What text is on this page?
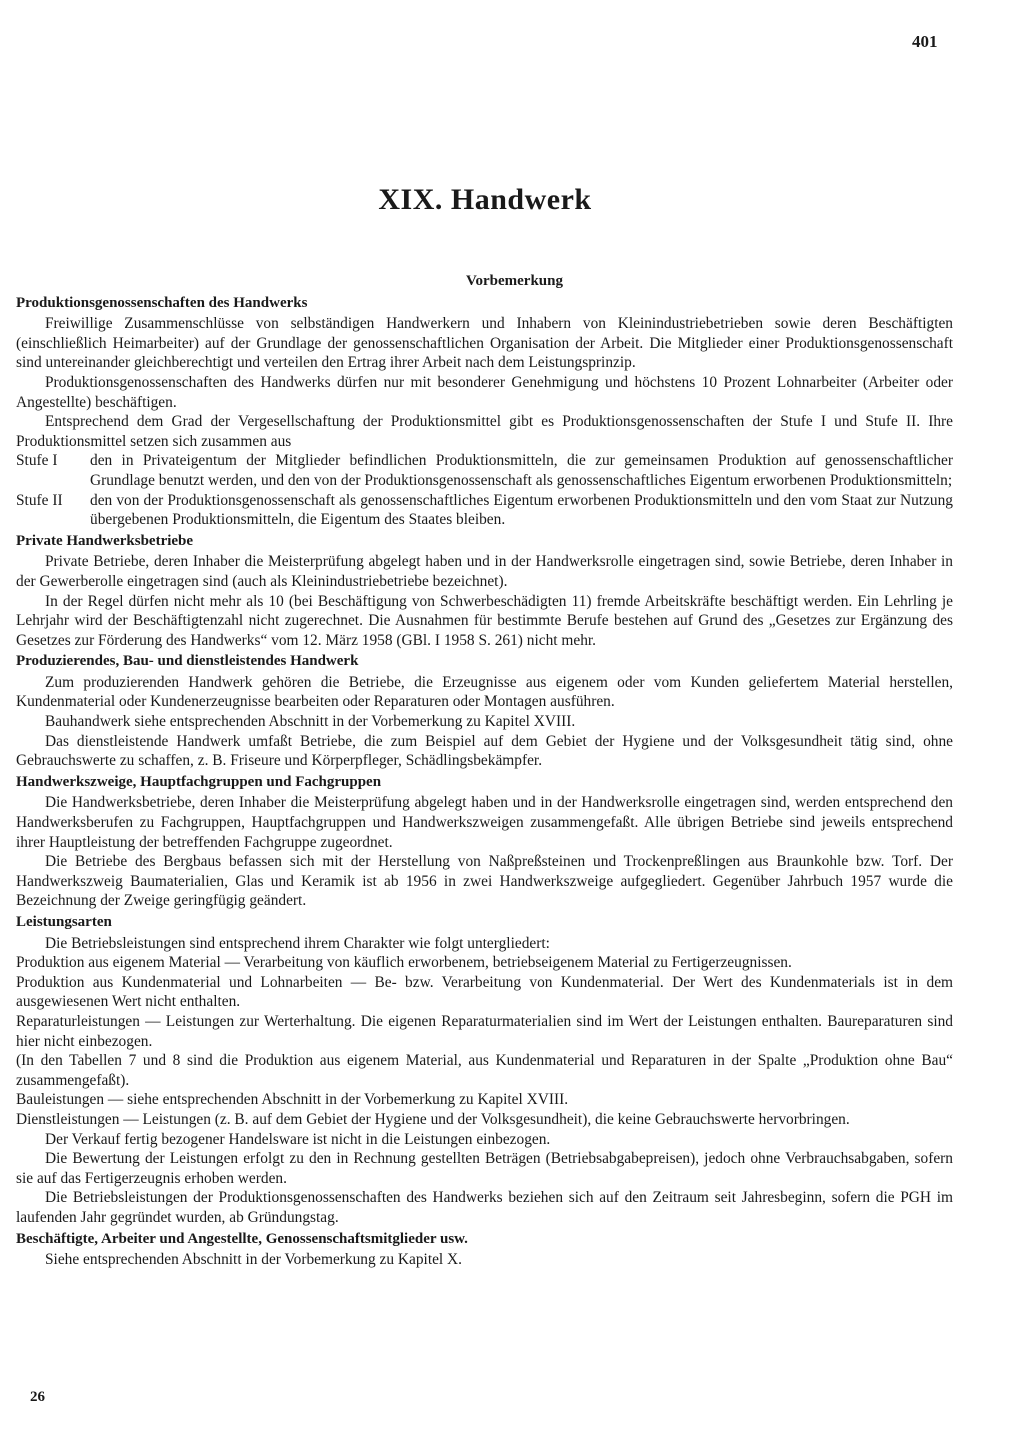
401
XIX. Handwerk
Vorbemerkung
Produktionsgenossenschaften des Handwerks

Freiwillige Zusammenschlüsse von selbständigen Handwerkern und Inhabern von Kleinindustriebetrieben sowie deren Beschäftigten (einschließlich Heimarbeiter) auf der Grundlage der genossenschaftlichen Organisation der Arbeit. Die Mitglieder einer Produktionsgenossenschaft sind untereinander gleichberechtigt und verteilen den Ertrag ihrer Arbeit nach dem Leistungsprinzip.

Produktionsgenossenschaften des Handwerks dürfen nur mit besonderer Genehmigung und höchstens 10 Prozent Lohnarbeiter (Arbeiter oder Angestellte) beschäftigen.

Entsprechend dem Grad der Vergesellschaftung der Produktionsmittel gibt es Produktionsgenossenschaften der Stufe I und Stufe II. Ihre Produktionsmittel setzen sich zusammen aus

Stufe I	den in Privateigentum der Mitglieder befindlichen Produktionsmitteln, die zur gemeinsamen Produktion auf genossenschaftlicher Grundlage benutzt werden, und den von der Produktionsgenossenschaft als genossenschaftliches Eigentum erworbenen Produktionsmitteln;
Stufe II	den von der Produktionsgenossenschaft als genossenschaftliches Eigentum erworbenen Produktionsmitteln und den vom Staat zur Nutzung übergebenen Produktionsmitteln, die Eigentum des Staates bleiben.
Private Handwerksbetriebe

Private Betriebe, deren Inhaber die Meisterprüfung abgelegt haben und in der Handwerksrolle eingetragen sind, sowie Betriebe, deren Inhaber in der Gewerberolle eingetragen sind (auch als Kleinindustriebetriebe bezeichnet).

In der Regel dürfen nicht mehr als 10 (bei Beschäftigung von Schwerbeschädigten 11) fremde Arbeitskräfte beschäftigt werden. Ein Lehrling je Lehrjahr wird der Beschäftigtenzahl nicht zugerechnet. Die Ausnahmen für bestimmte Berufe bestehen auf Grund des „Gesetzes zur Ergänzung des Gesetzes zur Förderung des Handwerks“ vom 12. März 1958 (GBl. I 1958 S. 261) nicht mehr.

Produzierendes, Bau- und dienstleistendes Handwerk

Zum produzierenden Handwerk gehören die Betriebe, die Erzeugnisse aus eigenem oder vom Kunden geliefertem Material herstellen, Kundenmaterial oder Kundenerzeugnisse bearbeiten oder Reparaturen oder Montagen ausführen.

Bauhandwerk siehe entsprechenden Abschnitt in der Vorbemerkung zu Kapitel XVIII.

Das dienstleistende Handwerk umfaßt Betriebe, die zum Beispiel auf dem Gebiet der Hygiene und der Volksgesundheit tätig sind, ohne Gebrauchswerte zu schaffen, z. B. Friseure und Körperpfleger, Schädlingsbekämpfer.

Handwerkszweige, Hauptfachgruppen und Fachgruppen

Die Handwerksbetriebe, deren Inhaber die Meisterprüfung abgelegt haben und in der Handwerksrolle eingetragen sind, werden entsprechend den Handwerksberufen zu Fachgruppen, Hauptfachgruppen und Handwerkszweigen zusammengefaßt. Alle übrigen Betriebe sind jeweils entsprechend ihrer Hauptleistung der betreffenden Fachgruppe zugeordnet.

Die Betriebe des Bergbaus befassen sich mit der Herstellung von Naßpreßsteinen und Trockenpreßlingen aus Braunkohle bzw. Torf. Der Handwerkszweig Baumaterialien, Glas und Keramik ist ab 1956 in zwei Handwerkszweige aufgegliedert. Gegenüber Jahrbuch 1957 wurde die Bezeichnung der Zweige geringfügig geändert.

Leistungsarten

Die Betriebsleistungen sind entsprechend ihrem Charakter wie folgt untergliedert:

Produktion aus eigenem Material — Verarbeitung von käuflich erworbenem, betriebseigenem Material zu Fertigerzeugnissen.

Produktion aus Kundenmaterial und Lohnarbeiten — Be- bzw. Verarbeitung von Kundenmaterial. Der Wert des Kundenmaterials ist in dem ausgewiesenen Wert nicht enthalten.

Reparaturleistungen — Leistungen zur Werterhaltung. Die eigenen Reparaturmaterialien sind im Wert der Leistungen enthalten. Baureparaturen sind hier nicht einbezogen.

(In den Tabellen 7 und 8 sind die Produktion aus eigenem Material, aus Kundenmaterial und Reparaturen in der Spalte „Produktion ohne Bau“ zusammengefaßt).

Bauleistungen — siehe entsprechenden Abschnitt in der Vorbemerkung zu Kapitel XVIII.

Dienstleistungen — Leistungen (z. B. auf dem Gebiet der Hygiene und der Volksgesundheit), die keine Gebrauchswerte hervorbringen.

Der Verkauf fertig bezogener Handelsware ist nicht in die Leistungen einbezogen.

Die Bewertung der Leistungen erfolgt zu den in Rechnung gestellten Beträgen (Betriebsabgabepreisen), jedoch ohne Verbrauchsabgaben, sofern sie auf das Fertigerzeugnis erhoben werden.

Die Betriebsleistungen der Produktionsgenossenschaften des Handwerks beziehen sich auf den Zeitraum seit Jahresbeginn, sofern die PGH im laufenden Jahr gegründet wurden, ab Gründungstag.

Beschäftigte, Arbeiter und Angestellte, Genossenschaftsmitglieder usw.

Siehe entsprechenden Abschnitt in der Vorbemerkung zu Kapitel X.

26
